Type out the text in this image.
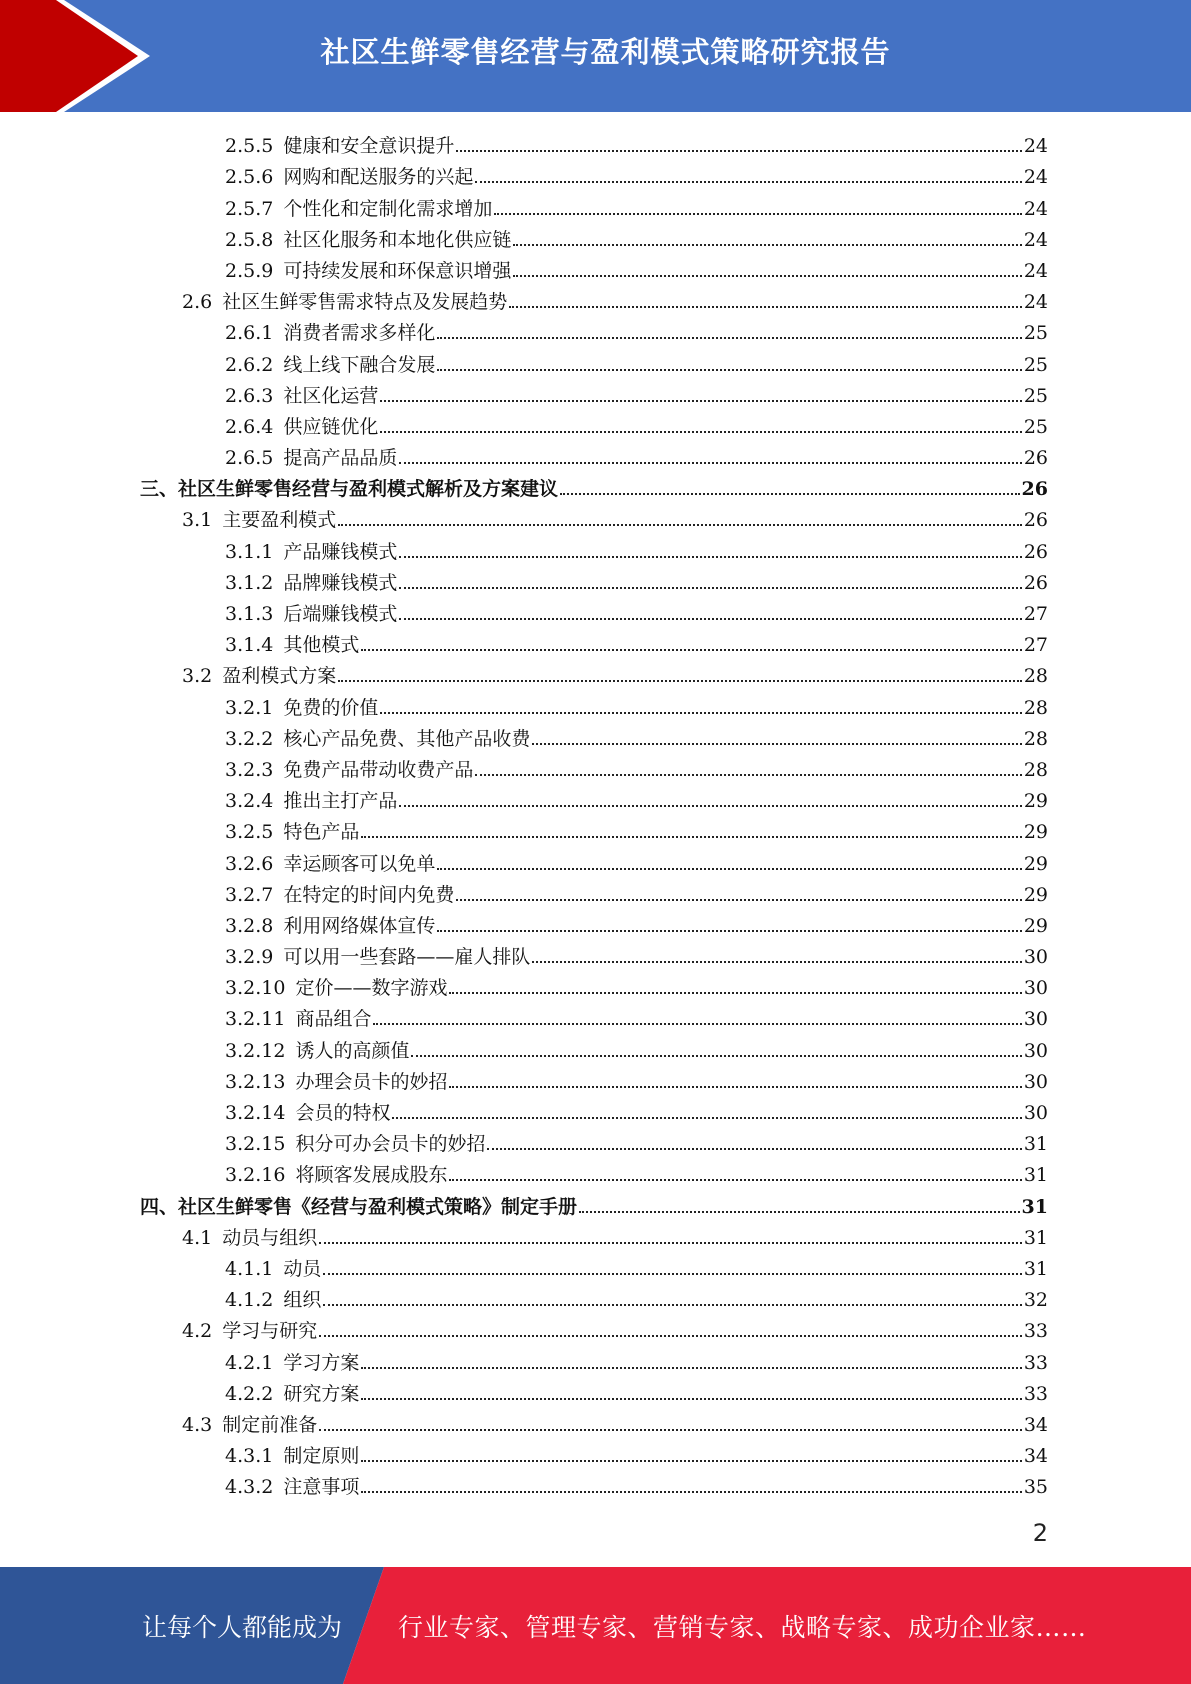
社区生鲜零售经营与盈利模式策略研究报告
2.5.5 健康和安全意识提升	24
2.5.6 网购和配送服务的兴起	24
2.5.7 个性化和定制化需求增加	24
2.5.8 社区化服务和本地化供应链	24
2.5.9 可持续发展和环保意识增强	24
2.6 社区生鲜零售需求特点及发展趋势	24
2.6.1 消费者需求多样化	25
2.6.2 线上线下融合发展	25
2.6.3 社区化运营	25
2.6.4 供应链优化	25
2.6.5 提高产品品质	26
三、社区生鲜零售经营与盈利模式解析及方案建议	26
3.1 主要盈利模式	26
3.1.1 产品赚钱模式	26
3.1.2 品牌赚钱模式	26
3.1.3 后端赚钱模式	27
3.1.4 其他模式	27
3.2 盈利模式方案	28
3.2.1 免费的价值	28
3.2.2 核心产品免费、其他产品收费	28
3.2.3 免费产品带动收费产品	28
3.2.4 推出主打产品	29
3.2.5 特色产品	29
3.2.6 幸运顾客可以免单	29
3.2.7 在特定的时间内免费	29
3.2.8 利用网络媒体宣传	29
3.2.9 可以用一些套路——雇人排队	30
3.2.10 定价——数字游戏	30
3.2.11 商品组合	30
3.2.12 诱人的高颜值	30
3.2.13 办理会员卡的妙招	30
3.2.14 会员的特权	30
3.2.15 积分可办会员卡的妙招	31
3.2.16 将顾客发展成股东	31
四、社区生鲜零售《经营与盈利模式策略》制定手册	31
4.1 动员与组织	31
4.1.1 动员	31
4.1.2 组织	32
4.2 学习与研究	33
4.2.1 学习方案	33
4.2.2 研究方案	33
4.3 制定前准备	34
4.3.1 制定原则	34
4.3.2 注意事项	35
2
让每个人都能成为 行业专家、管理专家、营销专家、战略专家、成功企业家……
